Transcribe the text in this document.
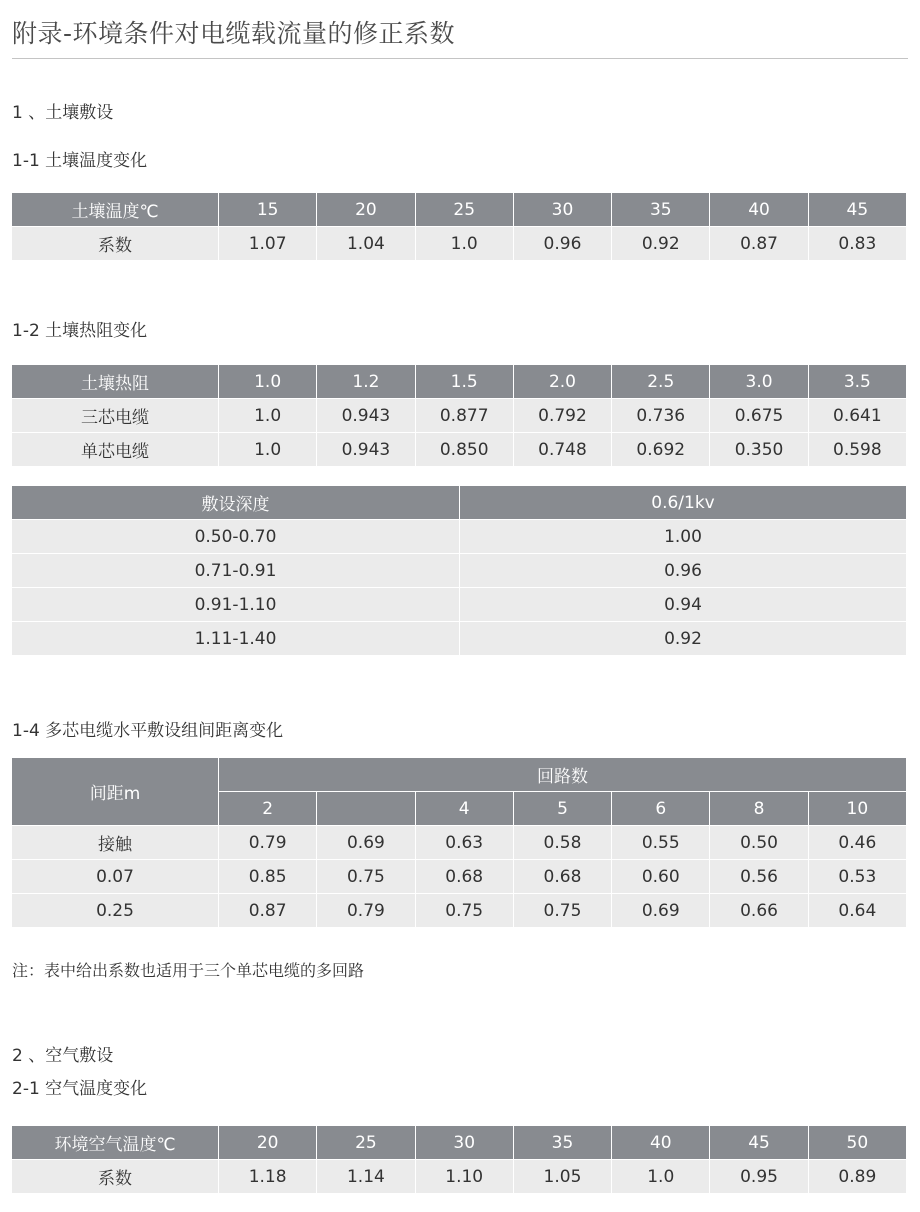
附录-环境条件对电缆载流量的修正系数
1 、土壤敷设
1-1 土壤温度变化
土壤温度℃	15	20	25	30	35	40	45
系数	1.07	1.04	1.0	0.96	0.92	0.87	0.83
1-2 土壤热阻变化
土壤热阻	1.0	1.2	1.5	2.0	2.5	3.0	3.5
三芯电缆	1.0	0.943	0.877	0.792	0.736	0.675	0.641
单芯电缆	1.0	0.943	0.850	0.748	0.692	0.350	0.598
敷设深度	0.6/1kv
0.50-0.70	1.00
0.71-0.91	0.96
0.91-1.10	0.94
1.11-1.40	0.92
1-4 多芯电缆水平敷设组间距离变化
间距m	回路数						
	2		4	5	6	8	10
接触	0.79	0.69	0.63	0.58	0.55	0.50	0.46
0.07	0.85	0.75	0.68	0.68	0.60	0.56	0.53
0.25	0.87	0.79	0.75	0.75	0.69	0.66	0.64
注：表中给出系数也适用于三个单芯电缆的多回路
2 、空气敷设
2-1 空气温度变化
环境空气温度℃	20	25	30	35	40	45	50
系数	1.18	1.14	1.10	1.05	1.0	0.95	0.89
